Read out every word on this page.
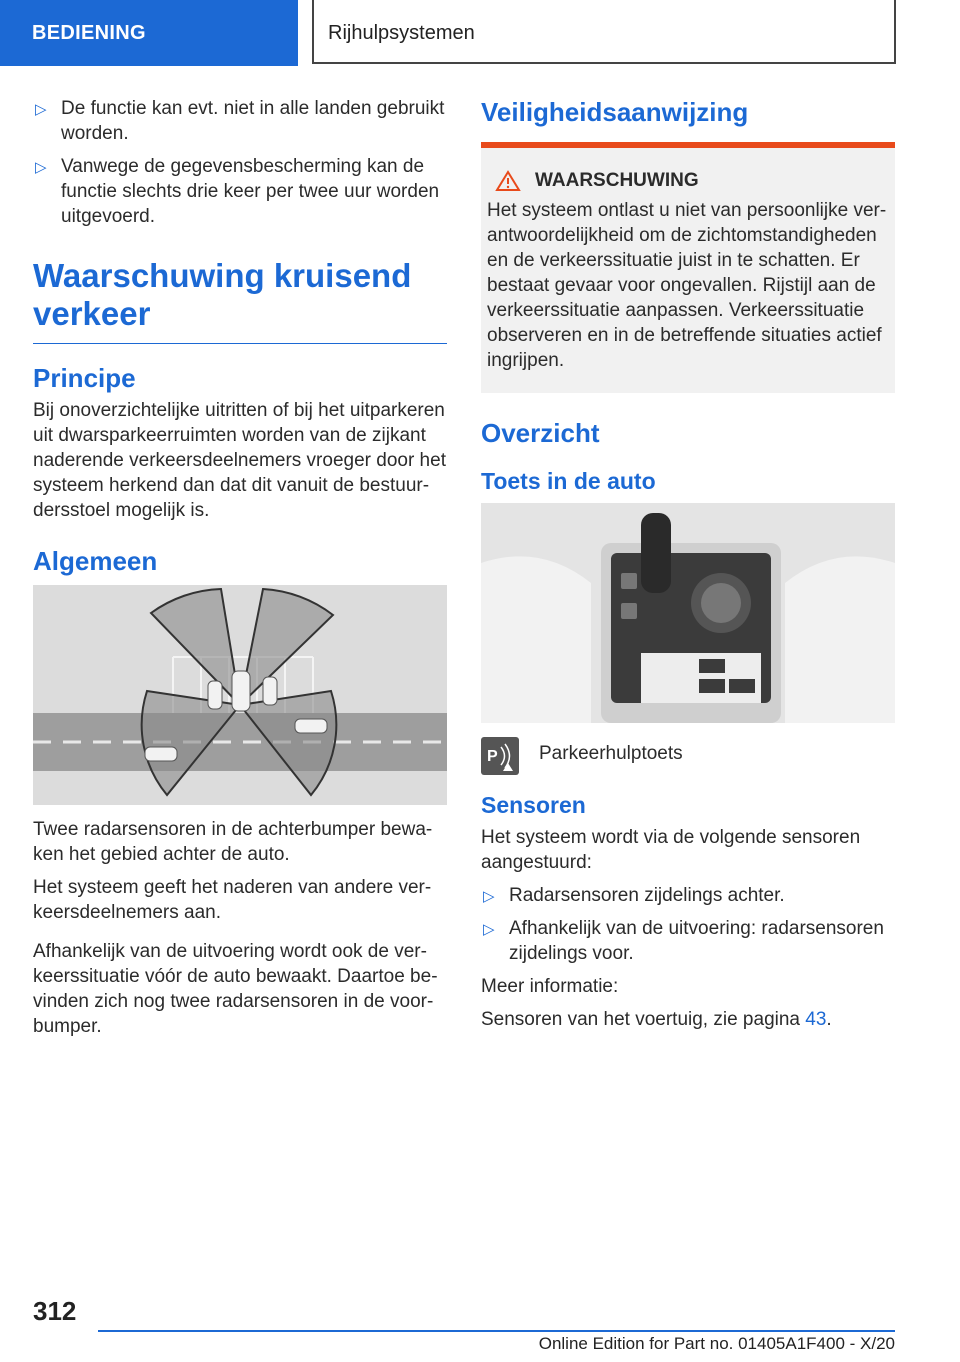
BEDIENING	Rijhulpsystemen
▷ De functie kan evt. niet in alle landen gebruikt worden.
▷ Vanwege de gegevensbescherming kan de functie slechts drie keer per twee uur worden uitgevoerd.
Waarschuwing kruisend verkeer
Principe

Bij onoverzichtelijke uitritten of bij het uitparkeren uit dwarsparkeerruimten worden van de zijkant naderende verkeersdeelnemers vroeger door het systeem herkend dan dat dit vanuit de bestuurdersstoel mogelijk is.

Algemeen

Twee radarsensoren in de achterbumper bewaken het gebied achter de auto.

Het systeem geeft het naderen van andere verkeersdeelnemers aan.

Afhankelijk van de uitvoering wordt ook de verkeerssituatie vóór de auto bewaakt. Daartoe bevinden zich nog twee radarsensoren in de voorbumper.

Veiligheidsaanwijzing
WAARSCHUWING

Het systeem ontlast u niet van persoonlijke verantwoordelijkheid om de zichtomstandigheden en de verkeerssituatie juist in te schatten. Er bestaat gevaar voor ongevallen. Rijstijl aan de verkeerssituatie aanpassen. Verkeerssituatie observeren en in de betreffende situaties actief ingrijpen.

Overzicht
Toets in de auto
P Parkeerhulptoets
Sensoren

Het systeem wordt via de volgende sensoren aangestuurd:

▷ Radarsensoren zijdelings achter.
▷ Afhankelijk van de uitvoering: radarsensoren zijdelings voor.

Meer informatie:

Sensoren van het voertuig, zie pagina 43.

312
Online Edition for Part no. 01405A1F400 - X/20
